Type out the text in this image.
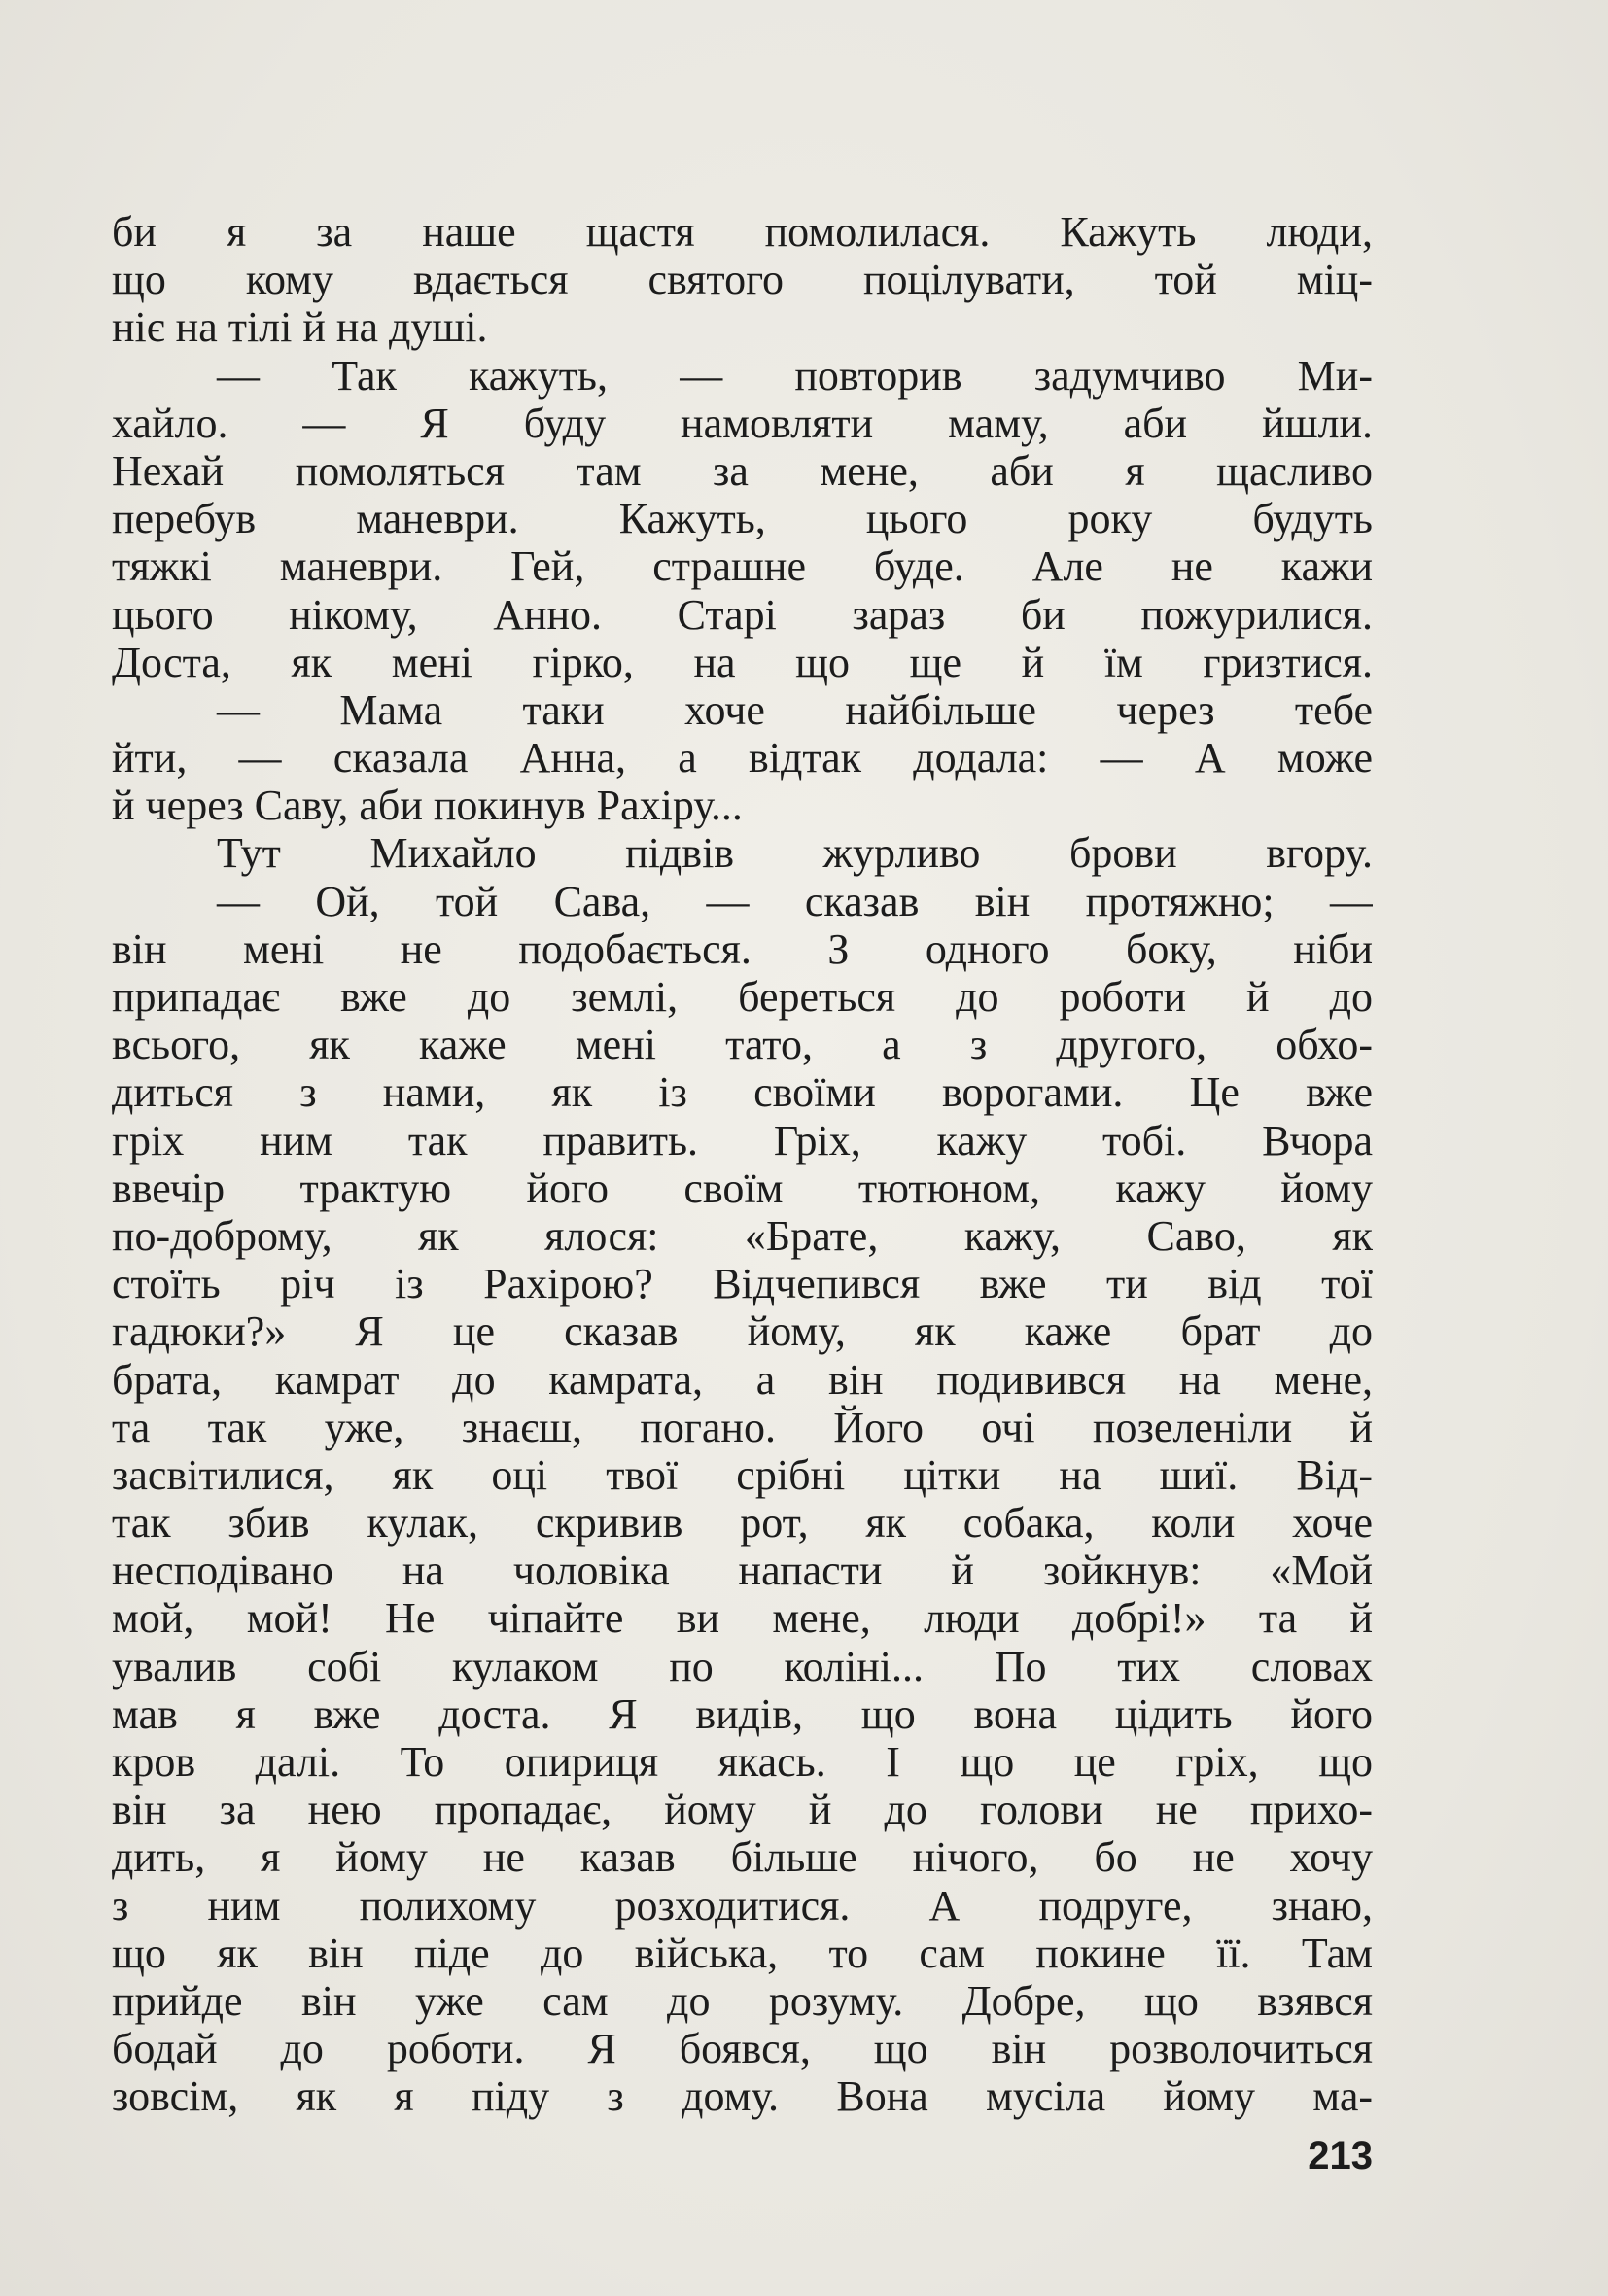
би я за наше щастя помолилася. Кажуть люди,
що кому вдається святого поцілувати, той міц-
ніє на тілі й на душі.
— Так кажуть, — повторив задумчиво Ми-
хайло. — Я буду намовляти маму, аби йшли.
Нехай помоляться там за мене, аби я щасливо
перебув маневри. Кажуть, цього року будуть
тяжкі маневри. Гей, страшне буде. Але не кажи
цього нікому, Анно. Старі зараз би пожурилися.
Доста, як мені гірко, на що ще й їм гризтися.
— Мама таки хоче найбільше через тебе
йти, — сказала Анна, а відтак додала: — А може
й через Саву, аби покинув Рахіру...
Тут Михайло підвів журливо брови вгору.
— Ой, той Сава, — сказав він протяжно; —
він мені не подобається. З одного боку, ніби
припадає вже до землі, береться до роботи й до
всього, як каже мені тато, а з другого, обхо-
диться з нами, як із своїми ворогами. Це вже
гріх ним так править. Гріх, кажу тобі. Вчора
ввечір трактую його своїм тютюном, кажу йому
по-доброму, як ялося: «Брате, кажу, Саво, як
стоїть річ із Рахірою? Відчепився вже ти від тої
гадюки?» Я це сказав йому, як каже брат до
брата, камрат до камрата, а він подивився на мене,
та так уже, знаєш, погано. Його очі позеленіли й
засвітилися, як оці твої срібні цітки на шиї. Від-
так збив кулак, скривив рот, як собака, коли хоче
несподівано на чоловіка напасти й зойкнув: «Мой
мой, мой! Не чіпайте ви мене, люди добрі!» та й
увалив собі кулаком по коліні... По тих словах
мав я вже доста. Я видів, що вона цідить його
кров далі. То опириця якась. І що це гріх, що
він за нею пропадає, йому й до голови не прихо-
дить, я йому не казав більше нічого, бо не хочу
з ним полихому розходитися. А подруге, знаю,
що як він піде до війська, то сам покине її. Там
прийде він уже сам до розуму. Добре, що взявся
бодай до роботи. Я боявся, що він розволочиться
зовсім, як я піду з дому. Вона мусіла йому ма-
213
